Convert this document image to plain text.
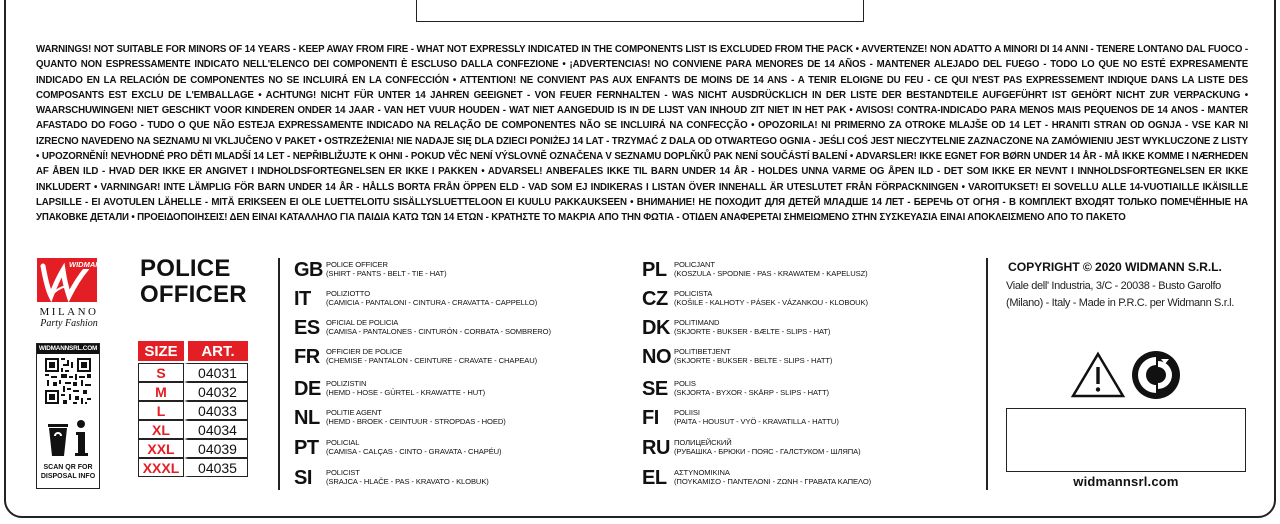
WARNINGS! NOT SUITABLE FOR MINORS OF 14 YEARS - KEEP AWAY FROM FIRE - WHAT NOT EXPRESSLY INDICATED IN THE COMPONENTS LIST IS EXCLUDED FROM THE PACK • AVVERTENZE! NON ADATTO A MINORI DI 14 ANNI - TENERE LONTANO DAL FUOCO - QUANTO NON ESPRESSAMENTE INDICATO NELL'ELENCO DEI COMPONENTI È ESCLUSO DALLA CONFEZIONE • ¡ADVERTENCIAS! NO CONVIENE PARA MENORES DE 14 AÑOS - MANTENER ALEJADO DEL FUEGO - TODO LO QUE NO ESTÉ EXPRESAMENTE INDICADO EN LA RELACIÓN DE COMPONENTES NO SE INCLUIRÁ EN LA CONFECCIÓN • ATTENTION! NE CONVIENT PAS AUX ENFANTS DE MOINS DE 14 ANS - A TENIR ELOIGNE DU FEU - CE QUI N'EST PAS EXPRESSEMENT INDIQUE DANS LA LISTE DES COMPOSANTS EST EXCLU DE L'EMBALLAGE • ACHTUNG! NICHT FÜR UNTER 14 JAHREN GEEIGNET - VON FEUER FERNHALTEN - WAS NICHT AUSDRÜCKLICH IN DER LISTE DER BESTANDTEILE AUFGEFÜHRT IST GEHÖRT NICHT ZUR VERPACKUNG • WAARSCHUWINGEN! NIET GESCHIKT VOOR KINDEREN ONDER 14 JAAR - VAN HET VUUR HOUDEN - WAT NIET AANGEDUID IS IN DE LIJST VAN INHOUD ZIT NIET IN HET PAK • AVISOS! CONTRA-INDICADO PARA MENOS MAIS PEQUENOS DE 14 ANOS - MANTER AFASTADO DO FOGO - TUDO O QUE NÃO ESTEJA EXPRESSAMENTE INDICADO NA RELAÇÃO DE COMPONENTES NÃO SE INCLUIRÁ NA CONFECÇÃO • OPOZORILA! NI PRIMERNO ZA OTROKE MLAJŠE OD 14 LET - HRANITI STRAN OD OGNJA - VSE KAR NI IZRECNO NAVEDENO NA SEZNAMU NI VKLJUČENO V PAKET • OSTRZEŻENIA! NIE NADAJE SIĘ DLA DZIECI PONIŻEJ 14 LAT - TRZYMAĆ Z DALA OD OTWARTEGO OGNIA - JEŚLI COŚ JEST NIECZYTELNIE ZAZNACZONE NA ZAMÓWIENIU JEST WYKLUCZONE Z LISTY • UPOZORNĚNÍ! NEVHODNÉ PRO DĚTI MLADŠÍ 14 LET - NEPŘIBLIŽUJTE K OHNI - POKUD VĚC NENÍ VÝSLOVNĚ OZNAČENA V SEZNAMU DOPLŇKŮ PAK NENÍ SOUČÁSTÍ BALENÍ • ADVARSLER! IKKE EGNET FOR BØRN UNDER 14 ÅR - MÅ IKKE KOMME I NÆRHEDEN AF ÅBEN ILD - HVAD DER IKKE ER ANGIVET I INDHOLDSFORTEGNELSEN ER IKKE I PAKKEN • ADVARSEL! ANBEFALES IKKE TIL BARN UNDER 14 ÅR - HOLDES UNNA VARME OG ÅPEN ILD - DET SOM IKKE ER NEVNT I INNHOLDSFORTEGNELSEN ER IKKE INKLUDERT • VARNINGAR! INTE LÄMPLIG FÖR BARN UNDER 14 ÅR - HÅLLS BORTA FRÅN ÖPPEN ELD - VAD SOM EJ INDIKERAS I LISTAN ÖVER INNEHALL ÄR UTESLUTET FRÅN FÖRPACKNINGEN • VAROITUKSET! EI SOVELLU ALLE 14-VUOTIAILLE IKÄISILLE LAPSILLE - EI AVOTULEN LÄHELLE - MITÄ ERIKSEEN EI OLE LUETTELOITU SISÄLLYSLUETTELOON EI KUULU PAKKAUKSEEN • ВНИМАНИЕ! НЕ ПОХОДИТ ДЛЯ ДЕТЕЙ МЛАДШЕ 14 ЛЕТ - БЕРЕЧЬ ОТ ОГНЯ - В КОМПЛЕКТ ВХОДЯТ ТОЛЬКО ПОМЕЧЁННЫЕ НА УПАКОВКЕ ДЕТАЛИ • ΠΡΟΕΙΔΟΠΟΙΗΣΕΙΣ! ΔΕΝ ΕΙΝΑΙ ΚΑΤΑΛΛΗΛΟ ΓΙΑ ΠΑΙΔΙΑ ΚΑΤΩ ΤΩΝ 14 ΕΤΩΝ - ΚΡΑΤΗΣΤΕ ΤΟ ΜΑΚΡΙΑ ΑΠΟ ΤΗΝ ΦΩΤΙΑ - ΟΤΙΔΕΝ ΑΝΑΦΕΡΕΤΑΙ ΣΗΜΕΙΩΜΕΝΟ ΣΤΗΝ ΣΥΣΚΕΥΑΣΙΑ ΕΙΝΑΙ ΑΠΟΚΛΕΙΣΜΕΝΟ ΑΠΟ ΤΟ ΠΑΚΕΤΟ
WIDMANN®
MILANO
Party Fashion
WIDMANNSRL.COM
SCAN QR FOR
DISPOSAL INFO
POLICE
OFFICER
SIZE	ART.

S	04031
M	04032
L	04033
XL	04034
XXL	04039
XXXL	04035
GB POLICE OFFICER
(SHIRT - PANTS - BELT - TIE - HAT)
IT	POLIZIOTTO
(CAMICIA - PANTALONI - CINTURA - CRAVATTA - CAPPELLO)
ES OFICIAL DE POLICIA
(CAMISA - PANTALONES - CINTURÓN - CORBATA - SOMBRERO)
FR OFFICIER DE POLICE
(CHEMISE - PANTALON - CEINTURE - CRAVATE - CHAPEAU)
DE POLIZISTIN
(HEMD - HOSE - GÜRTEL - KRAWATTE - HUT)
NL POLITIE AGENT
(HEMD - BROEK - CEINTUUR - STROPDAS - HOED)
PT POLICIAL
(CAMISA - CALÇAS - CINTO - GRAVATA - CHAPÉU)
SI	POLICIST
(SRAJCA - HLAČE - PAS - KRAVATO - KLOBUK)
PL POLICJANT
(KOSZULA - SPODNIE - PAS - KRAWATEM - KAPELUSZ)
CZ POLICISTA
(KOŠILE - KALHOTY - PÁSEK - VÁZANKOU - KLOBOUK)
DK POLITIMAND
(SKJORTE - BUKSER - BÆLTE - SLIPS - HAT)
NO POLITIBETJENT
(SKJORTE - BUKSER - BELTE - SLIPS - HATT)
SE POLIS
(SKJORTA - BYXOR - SKÄRP - SLIPS - HATT)
FI	POLIISI
(PAITA - HOUSUT - VYÖ - KRAVATILLA - HATTU)
RU ПОЛИЦЕЙСКИЙ
(РУБАШКА - БРЮКИ - ПОЯС - ГАЛСТУКОМ - ШЛЯПА)
EL ΑΣΤΥΝΟΜΙΚΙΝΑ
(ΠΟΥΚΑΜΙΣΟ - ΠΑΝΤΕΛΟΝΙ - ΖΩΝΗ - ΓΡΑΒΑΤΑ ΚΑΠΕΛΟ)
COPYRIGHT © 2020 WIDMANN S.R.L.
Viale dell' Industria, 3/C - 20038 - Busto Garolfo
(Milano) - Italy - Made in P.R.C. per Widmann S.r.l.
widmannsrl.com
